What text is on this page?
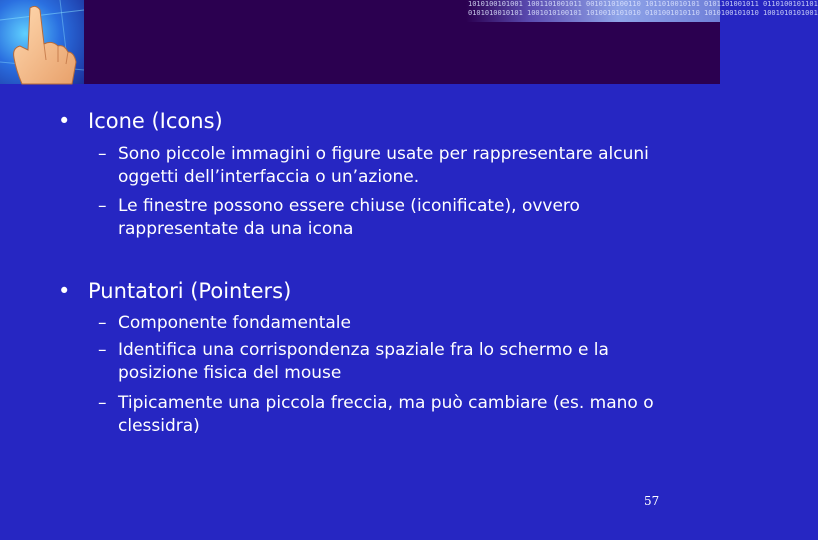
1010100101001 1001101001011 0010110100110 1011010010101 0101101001011 0110100101101
0101010010101 1001010100101 1010010101010 0101001010110 1010100101010 1001010101001
• Icone (Icons)
– Sono piccole immagini o figure usate per rappresentare alcuni oggetti dell’interfaccia o un’azione.
– Le finestre possono essere chiuse (iconificate), ovvero rappresentate da una icona
• Puntatori (Pointers)
– Componente fondamentale
– Identifica una corrispondenza spaziale fra lo schermo e la posizione fisica del mouse
– Tipicamente una piccola freccia, ma può cambiare (es. mano o clessidra)
57
